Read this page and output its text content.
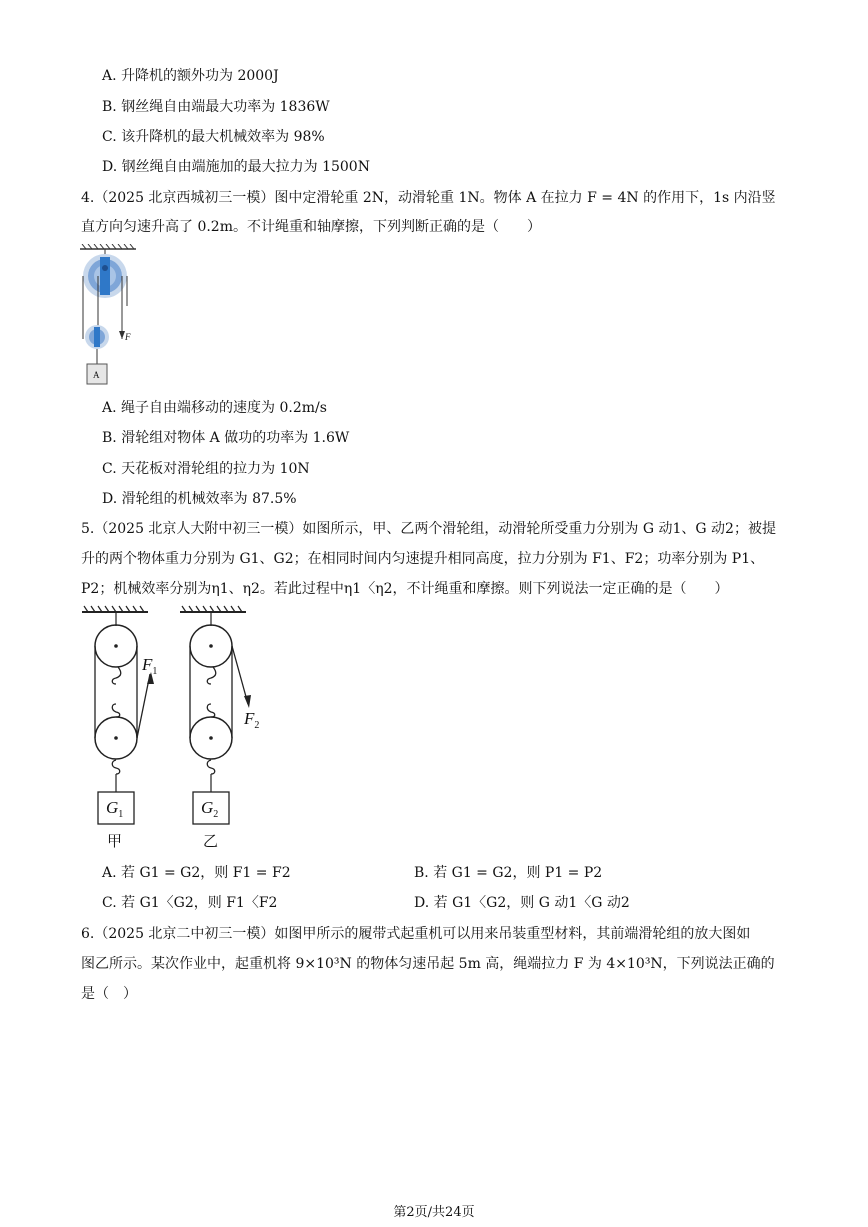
A. 升降机的额外功为 2000J
B. 钢丝绳自由端最大功率为 1836W
C. 该升降机的最大机械效率为 98%
D. 钢丝绳自由端施加的最大拉力为 1500N
4.（2025 北京西城初三一模）图中定滑轮重 2N，动滑轮重 1N。物体 A 在拉力 F = 4N 的作用下，1s 内沿竖
直方向匀速升高了 0.2m。不计绳重和轴摩擦，下列判断正确的是（　　）
F
A
A. 绳子自由端移动的速度为 0.2m/s
B. 滑轮组对物体 A 做功的功率为 1.6W
C. 天花板对滑轮组的拉力为 10N
D. 滑轮组的机械效率为 87.5%
5.（2025 北京人大附中初三一模）如图所示，甲、乙两个滑轮组，动滑轮所受重力分别为 G 动1、G 动2；被提
升的两个物体重力分别为 G1、G2；在相同时间内匀速提升相同高度，拉力分别为 F1、F2；功率分别为 P1、
P2；机械效率分别为η1、η2。若此过程中η1〈η2，不计绳重和摩擦。则下列说法一定正确的是（　　）
$F_1$
$G_1$
甲
$F_2$
$G_2$
乙
A. 若 G1 = G2，则 F1 = F2	B. 若 G1 = G2，则 P1 = P2
C. 若 G1〈G2，则 F1〈F2	D. 若 G1〈G2，则 G 动1〈G 动2
6.（2025 北京二中初三一模）如图甲所示的履带式起重机可以用来吊装重型材料，其前端滑轮组的放大图如
图乙所示。某次作业中，起重机将 9×10³N 的物体匀速吊起 5m 高，绳端拉力 F 为 4×10³N，下列说法正确的
是（　）
第2页/共24页
